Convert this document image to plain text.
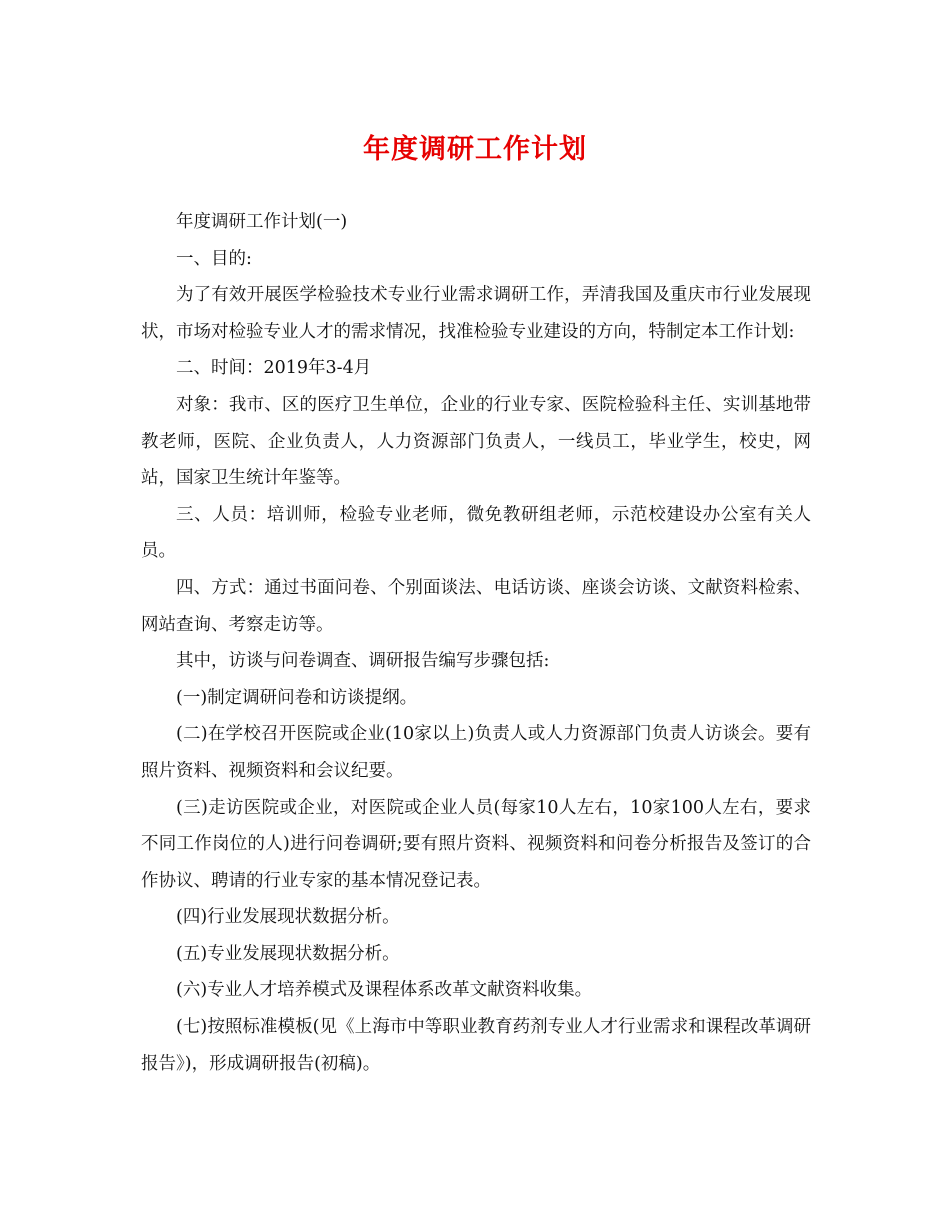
年度调研工作计划

年度调研工作计划(一)

一、目的:

为了有效开展医学检验技术专业行业需求调研工作，弄清我国及重庆市行业发展现状，市场对检验专业人才的需求情况，找准检验专业建设的方向，特制定本工作计划:

二、时间：2019年3-4月

对象：我市、区的医疗卫生单位，企业的行业专家、医院检验科主任、实训基地带教老师，医院、企业负责人，人力资源部门负责人，一线员工，毕业学生，校史，网站，国家卫生统计年鉴等。

三、人员：培训师，检验专业老师，微免教研组老师，示范校建设办公室有关人员。

四、方式：通过书面问卷、个别面谈法、电话访谈、座谈会访谈、文献资料检索、网站查询、考察走访等。

其中，访谈与问卷调查、调研报告编写步骤包括:

(一)制定调研问卷和访谈提纲。

(二)在学校召开医院或企业(10家以上)负责人或人力资源部门负责人访谈会。要有照片资料、视频资料和会议纪要。

(三)走访医院或企业，对医院或企业人员(每家10人左右，10家100人左右，要求不同工作岗位的人)进行问卷调研;要有照片资料、视频资料和问卷分析报告及签订的合作协议、聘请的行业专家的基本情况登记表。

(四)行业发展现状数据分析。

(五)专业发展现状数据分析。

(六)专业人才培养模式及课程体系改革文献资料收集。

(七)按照标准模板(见《上海市中等职业教育药剂专业人才行业需求和课程改革调研报告》)，形成调研报告(初稿)。
